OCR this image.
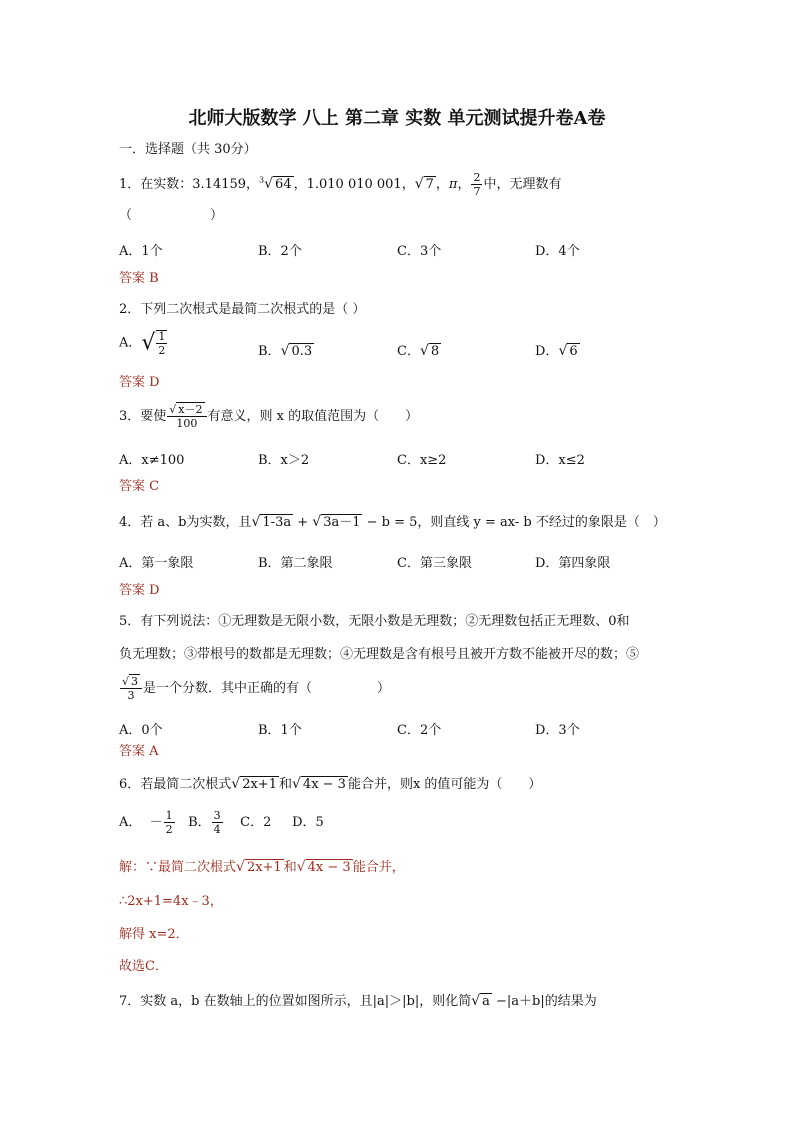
北师大版数学 八上 第二章 实数 单元测试提升卷A卷
一．选择题（共 30分）
1．在实数：3.14159，$^3$√ 64 ，1.010 010 001，√ 7 ，π， $\frac{2}{7}$ 中，无理数有
（　　　　　　）
A．1个	B．2个	C．3个	D．4个
答案 B
2．下列二次根式是最简二次根式的是（ ）
A．√ $\frac{1}{2}$	B．√ 0.3	C．√ 8	D．√ 6
答案 D
3．要使 $\frac{√ x-2}{100}$ 有意义，则 x 的取值范围为（　　）
A．x≠100	B．x＞2	C．x≥2	D．x≤2
答案 C
4．若 a、b为实数，且√ 1-3a + √ 3a－1 − b = 5，则直线 y = ax- b 不经过的象限是（　）
A．第一象限	B．第二象限	C．第三象限	D．第四象限
答案 D
5．有下列说法：①无理数是无限小数，无限小数是无理数；②无理数包括正无理数、0和
负无理数；③带根号的数都是无理数；④无理数是含有根号且被开方数不能被开尽的数；⑤
$\frac{√ 3}{3}$ 是一个分数．其中正确的有（　　　　　）
A．0个	B．1个	C．2个	D．3个
答案 A
6．若最简二次根式√ 2x+1 和√ 4x − 3 能合并，则x 的值可能为（　　）
A． － $\frac{1}{2}$ B． $\frac{3}{4}$ C．2 D．5
解：∵最简二次根式√ 2x+1 和√ 4x − 3 能合并，
∴2x+1=4x﹣3，
解得 x=2．
故选C．
7．实数 a，b 在数轴上的位置如图所示，且|a|＞|b|，则化简√ a −|a＋b|的结果为
